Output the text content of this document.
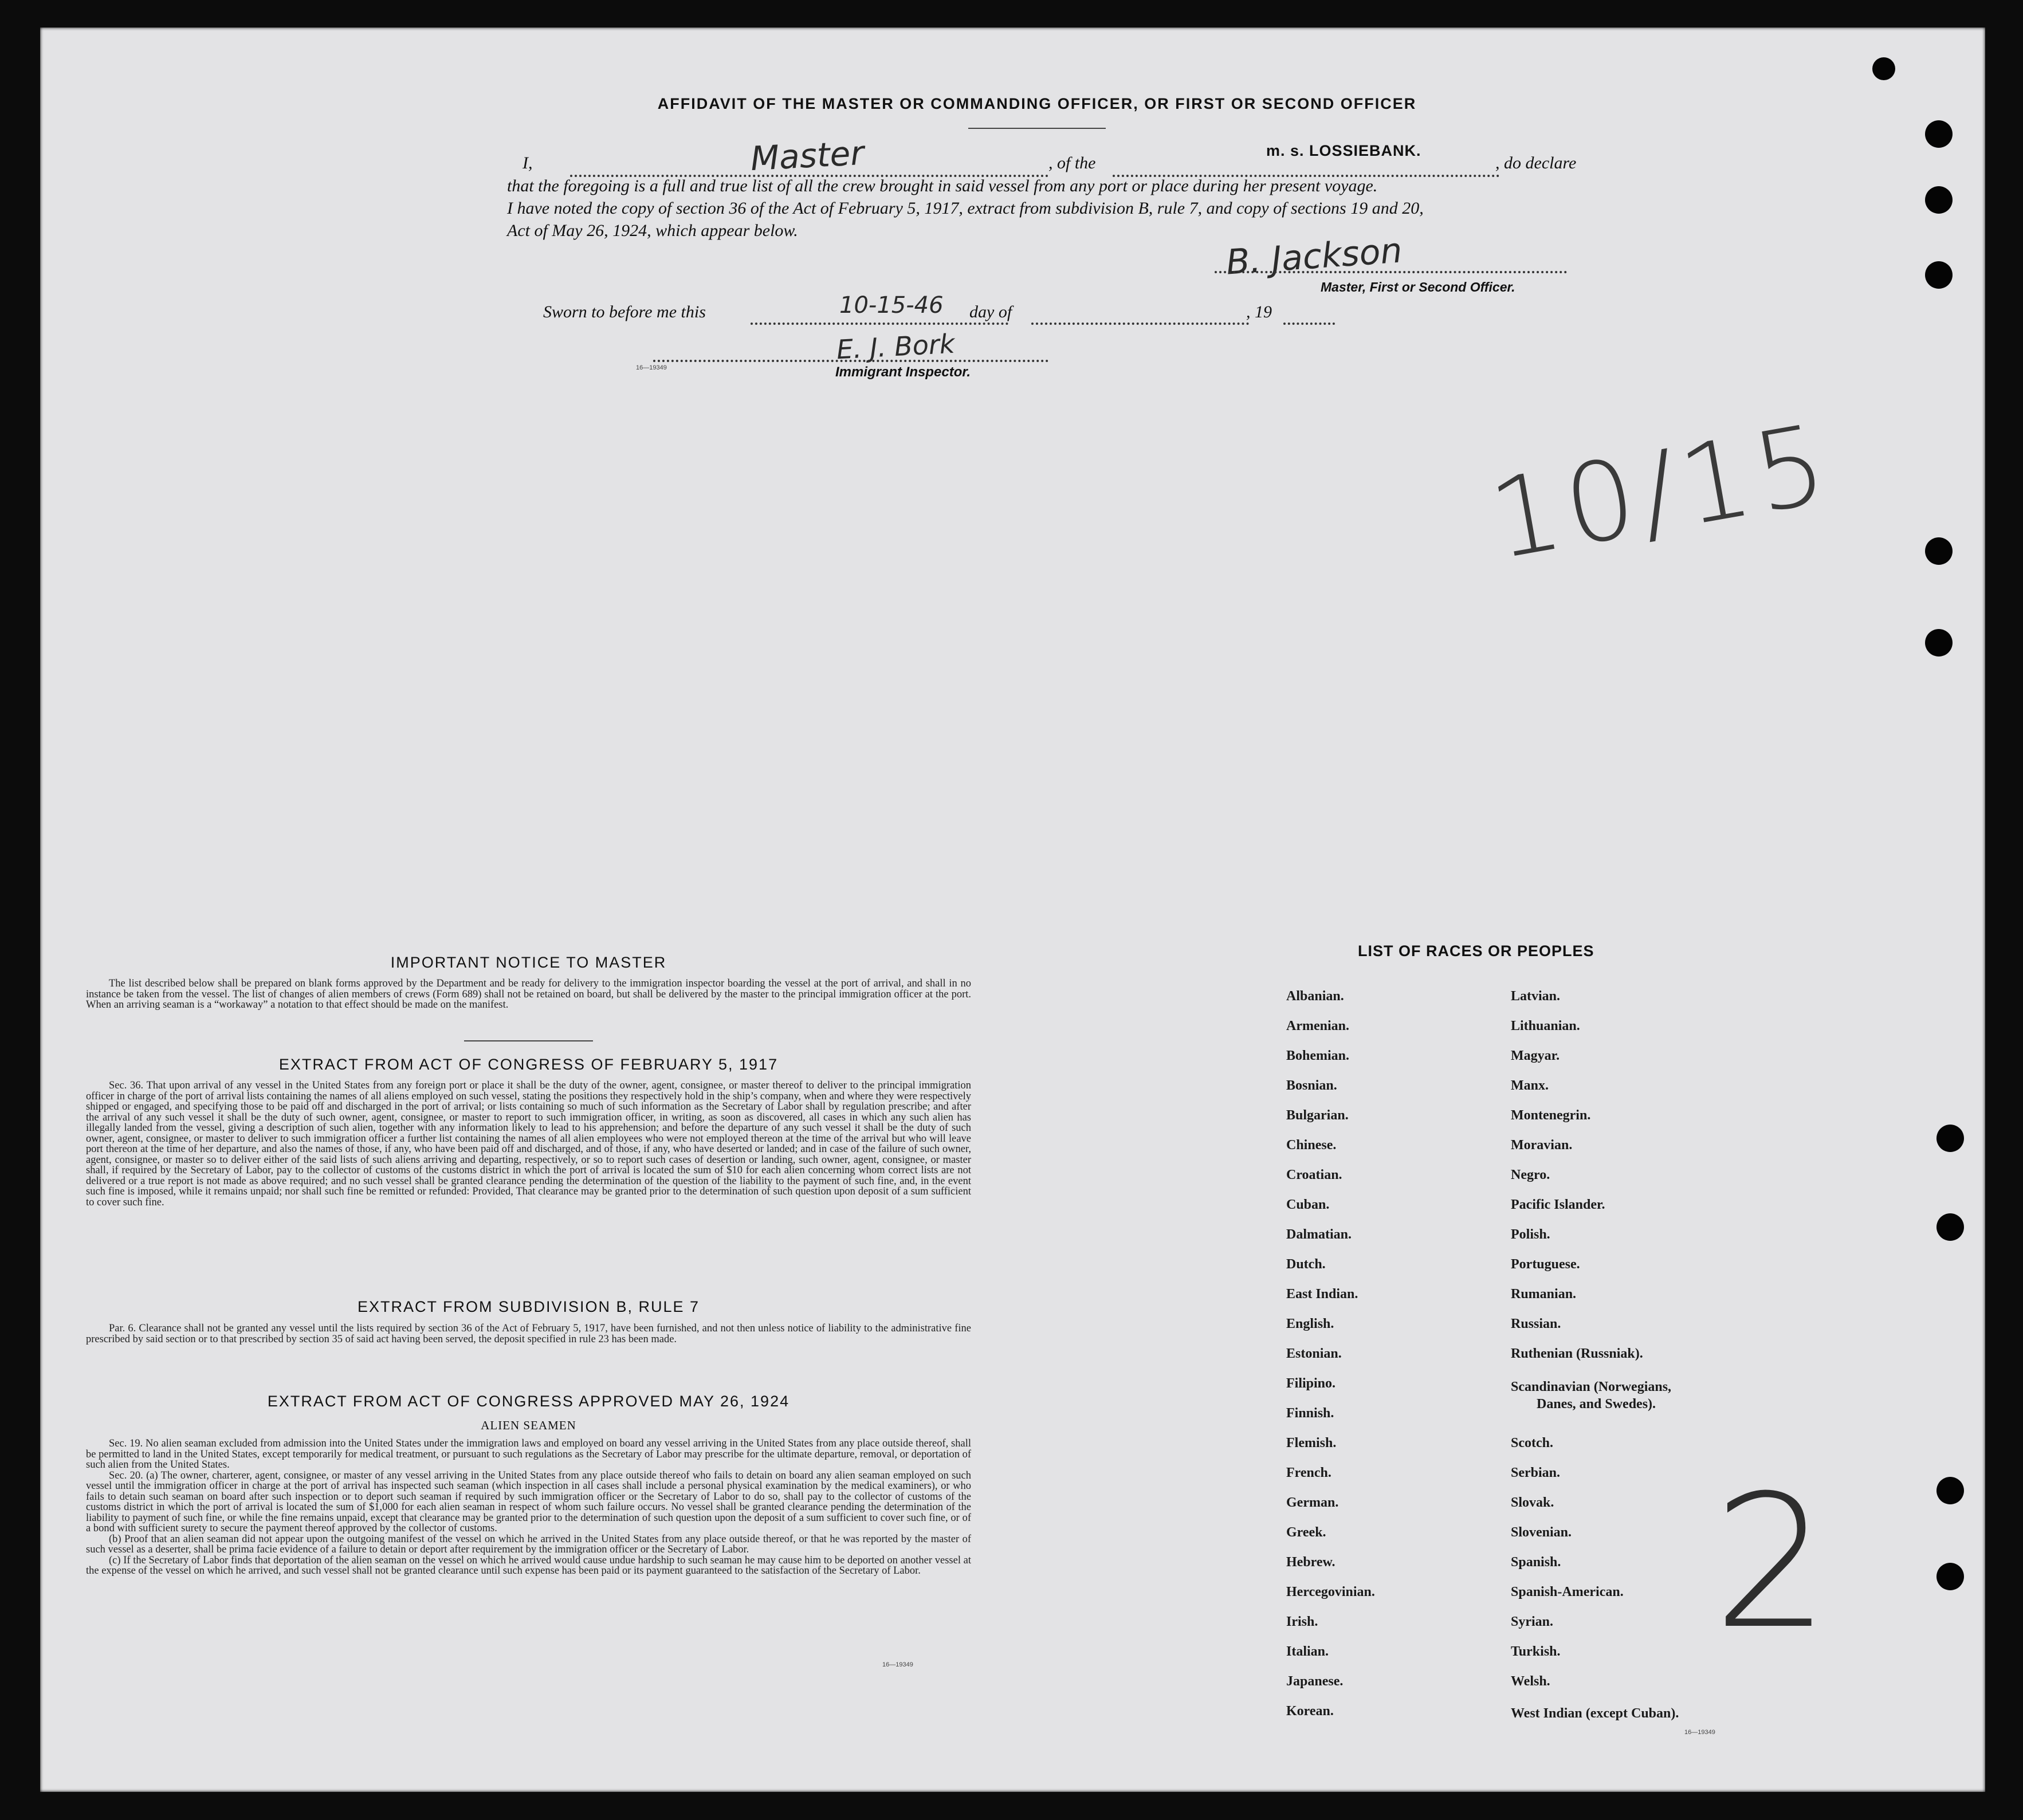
AFFIDAVIT OF THE MASTER OR COMMANDING OFFICER, OR FIRST OR SECOND OFFICER
I,	Master	, of the
m. s. LOSSIEBANK.
, do declare
that the foregoing is a full and true list of all the crew brought in said vessel from any port or place during her present voyage.
I have noted the copy of section 36 of the Act of February 5, 1917, extract from subdivision B, rule 7, and copy of sections 19 and 20,
Act of May 26, 1924, which appear below.	B. Jackson
Master, First or Second Officer.
Sworn to before me this	10-15-46 day of	, 19
E. J. Bork
16—19349	Immigrant Inspector.
10/15
IMPORTANT NOTICE TO MASTER

The list described below shall be prepared on blank forms approved by the Department and be ready for delivery to the immigration inspector boarding the vessel at the port of arrival, and shall in no instance be taken from the vessel. The list of changes of alien members of crews (Form 689) shall not be retained on board, but shall be delivered by the master to the principal immigration officer at the port. When an arriving seaman is a “workaway” a notation to that effect should be made on the manifest.

EXTRACT FROM ACT OF CONGRESS OF FEBRUARY 5, 1917

Sec. 36. That upon arrival of any vessel in the United States from any foreign port or place it shall be the duty of the owner, agent, consignee, or master thereof to deliver to the principal immigration officer in charge of the port of arrival lists containing the names of all aliens employed on such vessel, stating the positions they respectively hold in the ship’s company, when and where they were respectively shipped or engaged, and specifying those to be paid off and discharged in the port of arrival; or lists containing so much of such information as the Secretary of Labor shall by regulation prescribe; and after the arrival of any such vessel it shall be the duty of such owner, agent, consignee, or master to report to such immigration officer, in writing, as soon as discovered, all cases in which any such alien has illegally landed from the vessel, giving a description of such alien, together with any information likely to lead to his apprehension; and before the departure of any such vessel it shall be the duty of such owner, agent, consignee, or master to deliver to such immigration officer a further list containing the names of all alien employees who were not employed thereon at the time of the arrival but who will leave port thereon at the time of her departure, and also the names of those, if any, who have been paid off and discharged, and of those, if any, who have deserted or landed; and in case of the failure of such owner, agent, consignee, or master so to deliver either of the said lists of such aliens arriving and departing, respectively, or so to report such cases of desertion or landing, such owner, agent, consignee, or master shall, if required by the Secretary of Labor, pay to the collector of customs of the customs district in which the port of arrival is located the sum of $10 for each alien concerning whom correct lists are not delivered or a true report is not made as above required; and no such vessel shall be granted clearance pending the determination of the question of the liability to the payment of such fine, and, in the event such fine is imposed, while it remains unpaid; nor shall such fine be remitted or refunded: Provided, That clearance may be granted prior to the determination of such question upon deposit of a sum sufficient to cover such fine.

EXTRACT FROM SUBDIVISION B, RULE 7

Par. 6. Clearance shall not be granted any vessel until the lists required by section 36 of the Act of February 5, 1917, have been furnished, and not then unless notice of liability to the administrative fine prescribed by said section or to that prescribed by section 35 of said act having been served, the deposit specified in rule 23 has been made.

EXTRACT FROM ACT OF CONGRESS APPROVED MAY 26, 1924
ALIEN SEAMEN

Sec. 19. No alien seaman excluded from admission into the United States under the immigration laws and employed on board any vessel arriving in the United States from any place outside thereof, shall be permitted to land in the United States, except temporarily for medical treatment, or pursuant to such regulations as the Secretary of Labor may prescribe for the ultimate departure, removal, or deportation of such alien from the United States.

Sec. 20. (a) The owner, charterer, agent, consignee, or master of any vessel arriving in the United States from any place outside thereof who fails to detain on board any alien seaman employed on such vessel until the immigration officer in charge at the port of arrival has inspected such seaman (which inspection in all cases shall include a personal physical examination by the medical examiners), or who fails to detain such seaman on board after such inspection or to deport such seaman if required by such immigration officer or the Secretary of Labor to do so, shall pay to the collector of customs of the customs district in which the port of arrival is located the sum of $1,000 for each alien seaman in respect of whom such failure occurs. No vessel shall be granted clearance pending the determination of the liability to payment of such fine, or while the fine remains unpaid, except that clearance may be granted prior to the determination of such question upon the deposit of a sum sufficient to cover such fine, or of a bond with sufficient surety to secure the payment thereof approved by the collector of customs.

(b) Proof that an alien seaman did not appear upon the outgoing manifest of the vessel on which he arrived in the United States from any place outside thereof, or that he was reported by the master of such vessel as a deserter, shall be prima facie evidence of a failure to detain or deport after requirement by the immigration officer or the Secretary of Labor.

(c) If the Secretary of Labor finds that deportation of the alien seaman on the vessel on which he arrived would cause undue hardship to such seaman he may cause him to be deported on another vessel at the expense of the vessel on which he arrived, and such vessel shall not be granted clearance until such expense has been paid or its payment guaranteed to the satisfaction of the Secretary of Labor.

16—19349
LIST OF RACES OR PEOPLES
Albanian.
Armenian.
Bohemian.
Bosnian.
Bulgarian.
Chinese.
Croatian.
Cuban.
Dalmatian.
Dutch.
East Indian.
English.
Estonian.
Filipino.
Finnish.
Flemish.
French.
German.
Greek.
Hebrew.
Hercegovinian.
Irish.
Italian.
Japanese.
Korean.
Latvian.
Lithuanian.
Magyar.
Manx.
Montenegrin.
Moravian.
Negro.
Pacific Islander.
Polish.
Portuguese.
Rumanian.
Russian.
Ruthenian (Russniak).
Scandinavian (Norwegians,
Danes, and Swedes).
Scotch.
Serbian.
Slovak.
Slovenian.
Spanish.
Spanish-American.
Syrian.
Turkish.
Welsh.
West Indian (except Cuban).
16—19349
2
